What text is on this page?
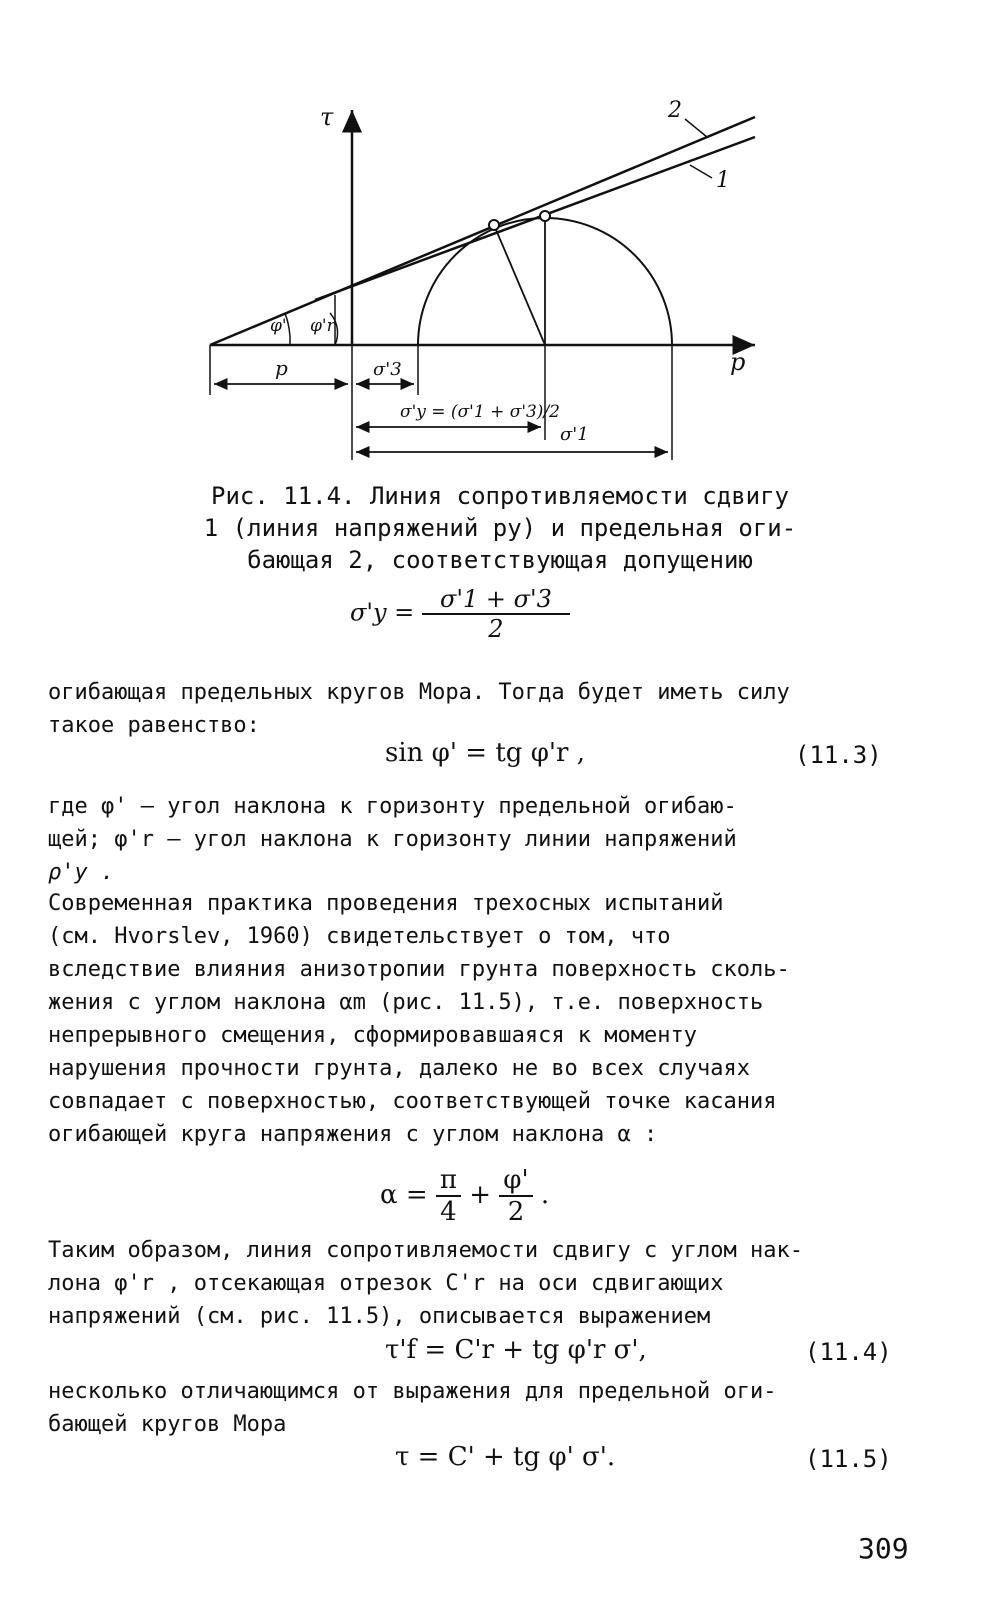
τ
p
2
1
φ' φ'r
p	σ'3
σ'y = (σ'1 + σ'3)/2
σ'1
Рис. 11.4. Линия сопротивляемости сдвигу
1 (линия напряжений py) и предельная оги-
бающая 2, соответствующая допущению
$\sigma'y = \frac{\sigma'1 + \sigma'3}{2}$
огибающая предельных кругов Мора. Тогда будет иметь силу
такое равенство:
sin φ' = tg φ'r ,	(11.3)
где φ' – угол наклона к горизонту предельной огибаю-
щей; φ'r – угол наклона к горизонту линии напряжений
ρ'y .
Современная практика проведения трехосных испытаний
(см. Hvorslev, 1960) свидетельствует о том, что
вследствие влияния анизотропии грунта поверхность сколь-
жения с углом наклона αm (рис. 11.5), т.е. поверхность
непрерывного смещения, сформировавшаяся к моменту
нарушения прочности грунта, далеко не во всех случаях
совпадает с поверхностью, соответствующей точке касания
огибающей круга напряжения с углом наклона α :
$\alpha = \frac{\pi}{4} + \frac{\varphi'}{2}$ .
Таким образом, линия сопротивляемости сдвигу с углом нак-
лона φ'r , отсекающая отрезок C'r на оси сдвигающих
напряжений (см. рис. 11.5), описывается выражением
τ'f = C'r + tg φ'r σ',	(11.4)
несколько отличающимся от выражения для предельной оги-
бающей кругов Мора
τ = C' + tg φ' σ'.	(11.5)
309
